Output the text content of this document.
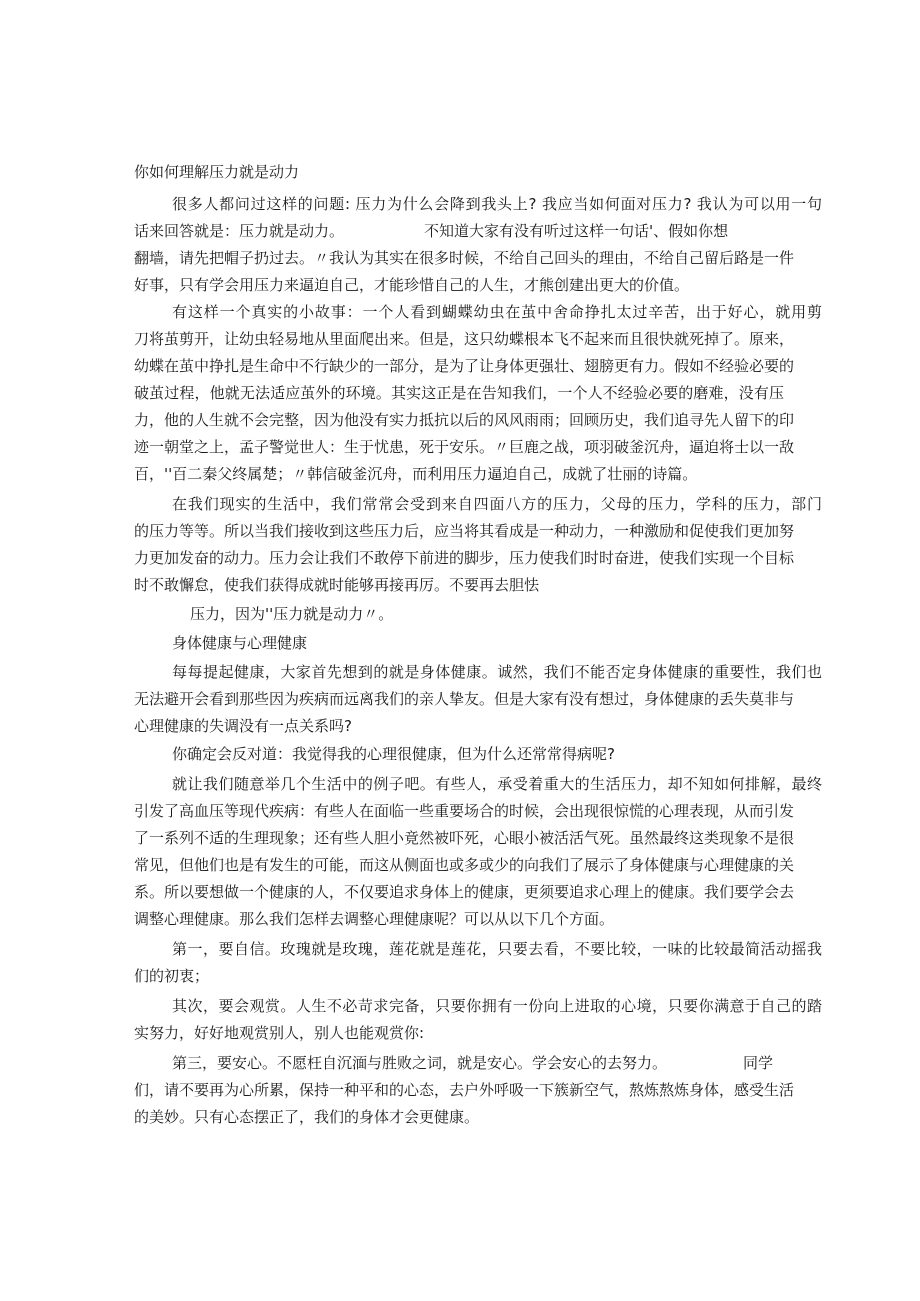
你如何理解压力就是动力
很多人都问过这样的问题: 压力为什么会降到我头上? 我应当如何面对压力? 我认为可以用一句
话来回答就是：压力就是动力。	不知道大家有没有听过这样一句话'、假如你想
翻墙，请先把帽子扔过去。〃我认为其实在很多时候，不给自己回头的理由，不给自己留后路是一件
好事，只有学会用压力来逼迫自己，才能珍惜自己的人生，才熊创建出更大的价值。
有这样一个真实的小故事：一个人看到蝴蝶幼虫在茧中舍命挣扎太过辛苦，出于好心，就用剪
刀将茧剪开，让幼虫轻易地从里面爬出来。但是，这只幼蝶根本飞不起来而且很快就死掉了。原来，
幼蝶在茧中挣扎是生命中不行缺少的一部分，是为了让身体更强壮、翅膀更有力。假如不经验必要的
破茧过程，他就无法适应茧外的环境。其实这正是在告知我们，一个人不经验必要的磨难，没有压
力，他的人生就不会完整，因为他没有实力抵抗以后的风风雨雨；回顾历史，我们追寻先人留下的印
迹一朝堂之上，孟子警觉世人：生于忧患，死于安乐。〃巨鹿之战，项羽破釜沉舟，逼迫将士以一敌
百，''百二秦父终属楚；〃韩信破釜沉舟，而利用压力逼迫自己，成就了壮丽的诗篇。
在我们现实的生活中，我们常常会受到来自四面八方的压力，父母的压力，学科的压力，部门
的压力等等。所以当我们接收到这些压力后，应当将其看成是一种动力，一种激励和促使我们更加努
力更加发奋的动力。压力会让我们不敢停下前进的脚步，压力使我们时时奋进，使我们实现一个目标
时不敢懈怠，使我们获得成就时能够再接再厉。不要再去胆怯
压力，因为''压力就是动力〃。
身体健康与心理健康
每每提起健康，大家首先想到的就是身体健康。诚然，我们不能否定身体健康的重要性，我们也
无法避开会看到那些因为疾病而远离我们的亲人挚友。但是大家有没有想过，身体健康的丢失莫非与
心理健康的失调没有一点关系吗?
你确定会反对道：我觉得我的心理很健康，但为什么还常常得病呢?
就让我们随意举几个生活中的例子吧。有些人，承受着重大的生活压力，却不知如何排解，最终
引发了高血压等现代疾病：有些人在面临一些重要场合的时候，会出现很惊慌的心理表现，从而引发
了一系列不适的生理现象；还有些人胆小竟然被吓死，心眼小被活活气死。虽然最终这类现象不是很
常见，但他们也是有发生的可能，而这从侧面也或多或少的向我们了展示了身体健康与心理健康的关
系。所以要想做一个健康的人，不仅要追求身体上的健康，更须要追求心理上的健康。我们要学会去
调整心理健康。那么我们怎样去调整心理健康呢？可以从以下几个方面。
第一，要自信。玫瑰就是玫瑰，莲花就是莲花，只要去看，不要比较，一味的比较最简活动摇我
们的初衷；
其次，要会观赏。人生不必苛求完备，只要你拥有一份向上进取的心境，只要你满意于自己的踏
实努力，好好地观赏别人，别人也能观赏你:
第三，要安心。不愿枉自沉湎与胜败之词，就是安心。学会安心的去努力。	同学
们，请不要再为心所累，保持一种平和的心态，去户外呼吸一下簇新空气，熬炼熬炼身体，感受生活
的美妙。只有心态摆正了，我们的身体才会更健康。
